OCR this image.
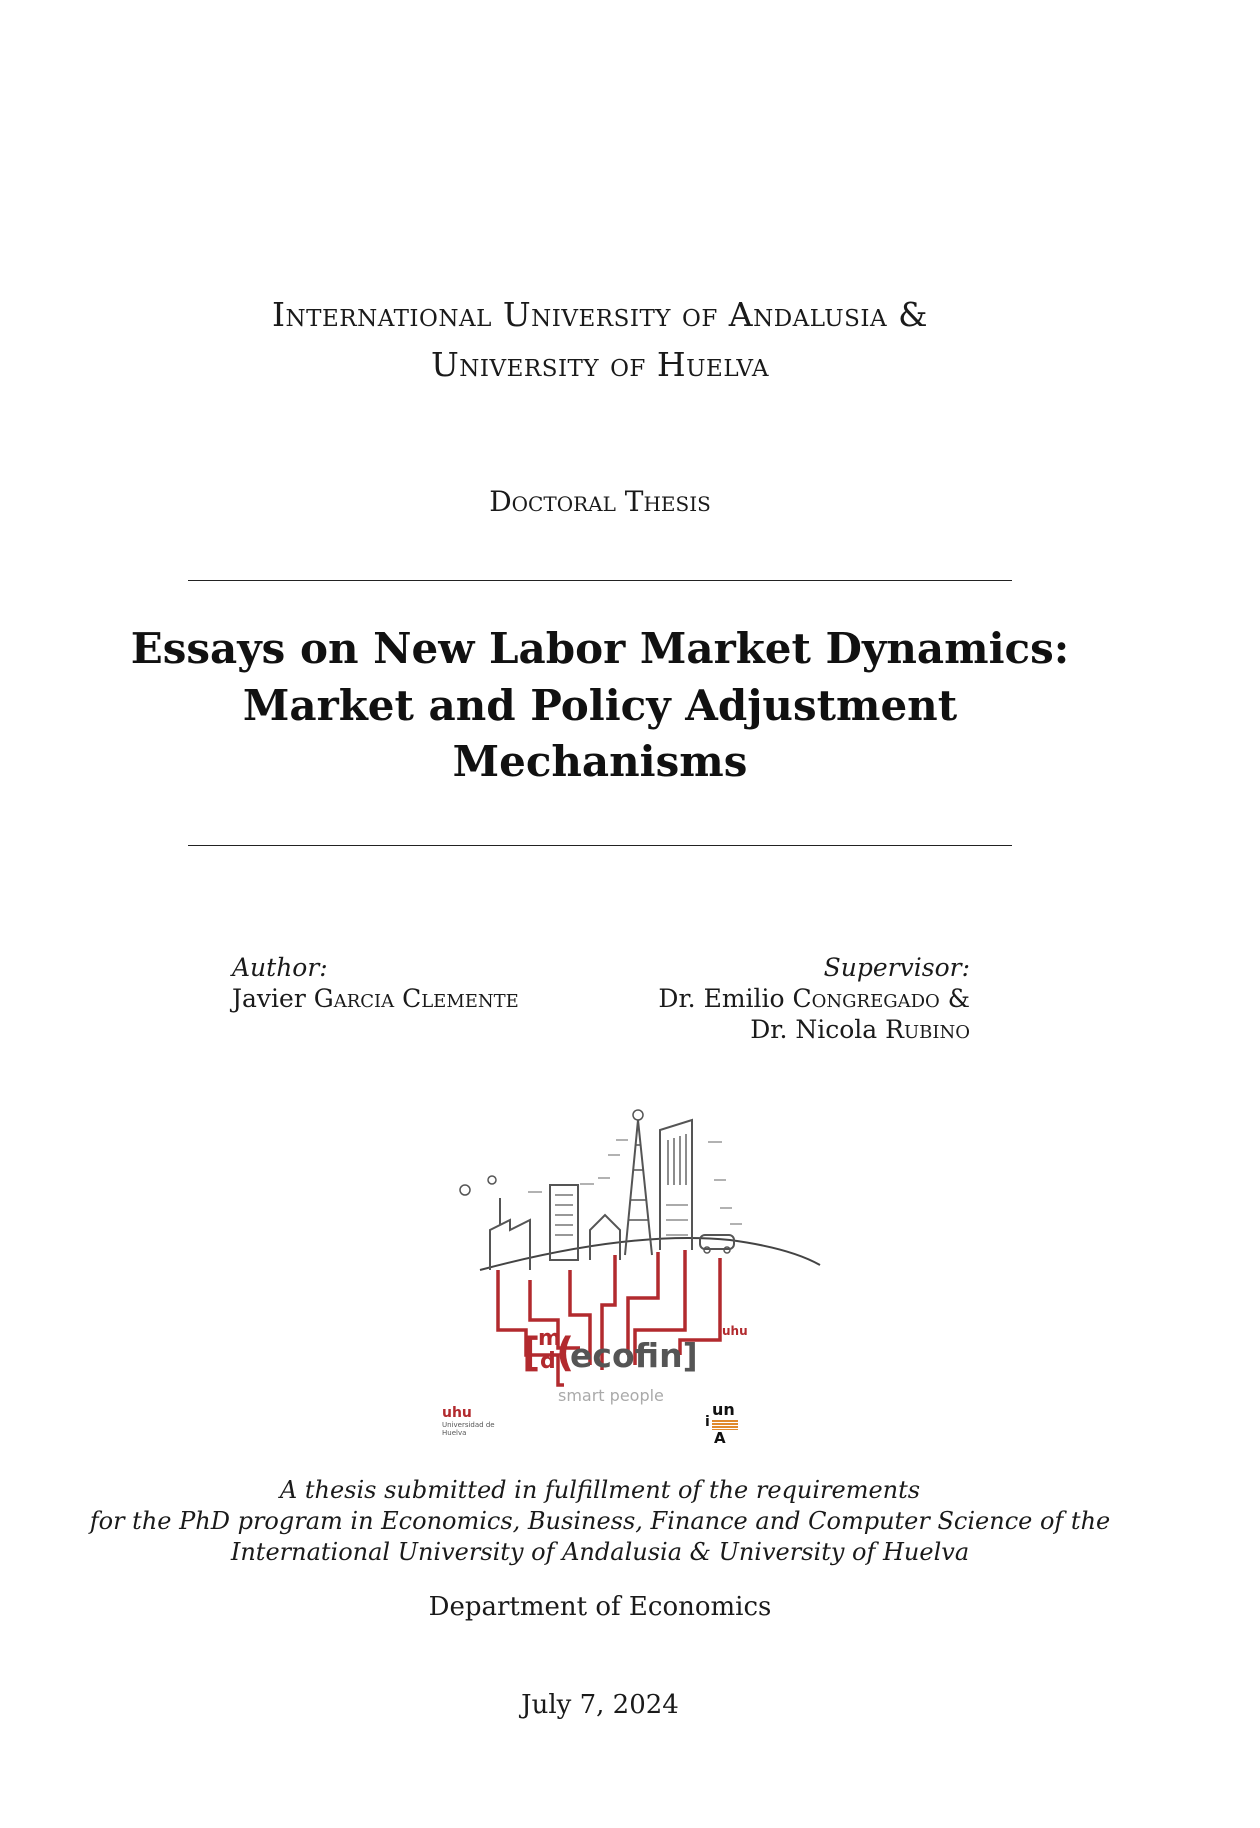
International University of Andalusia &
University of Huelva
Doctoral Thesis
Essays on New Labor Market Dynamics:
Market and Policy Adjustment
Mechanisms
Author:
Javier Garcia Clemente
Supervisor:
Dr. Emilio Congregado &
Dr. Nicola Rubino
[
m
d (
ecofin]
uhu
smart people
uhu
Universidad de Huelva
un
i
A
A thesis submitted in fulfillment of the requirements
for the PhD program in Economics, Business, Finance and Computer Science of the
International University of Andalusia & University of Huelva
Department of Economics
July 7, 2024
